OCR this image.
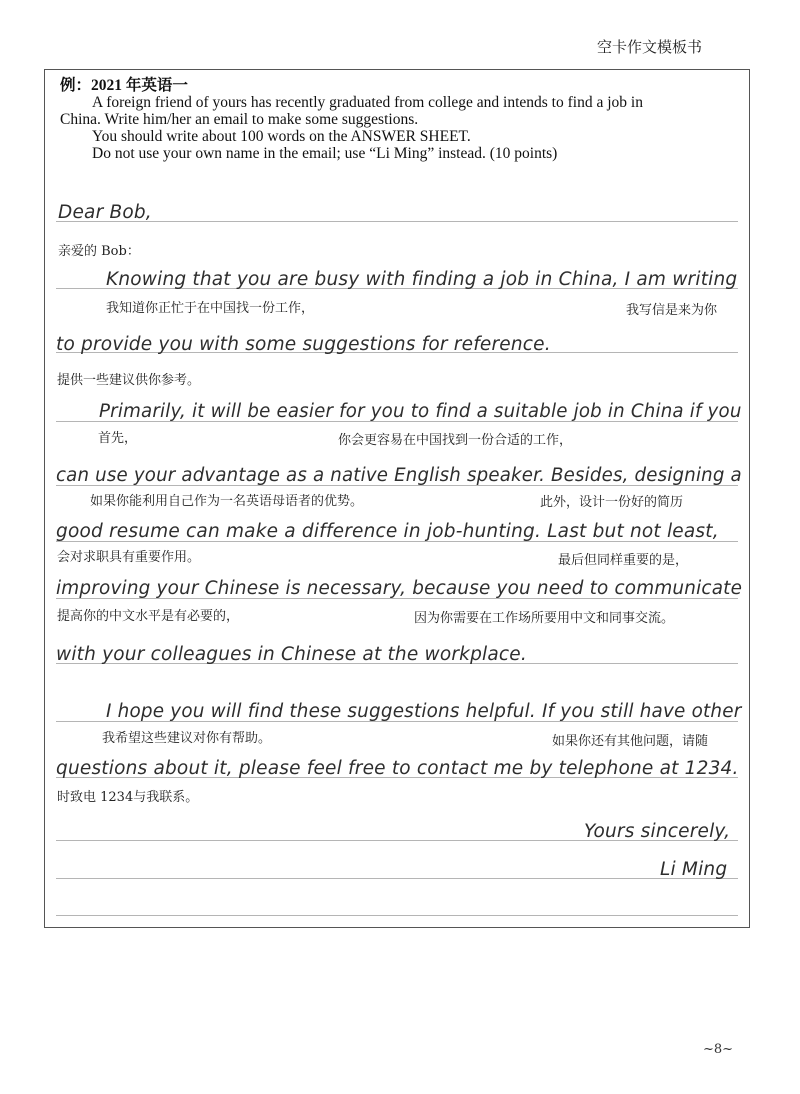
空卡作文模板书
例：2021 年英语一
A foreign friend of yours has recently graduated from college and intends to find a job in
China. Write him/her an email to make some suggestions.
You should write about 100 words on the ANSWER SHEET.
Do not use your own name in the email; use “Li Ming” instead. (10 points)
Dear Bob,
亲爱的 Bob：
Knowing that you are busy with finding a job in China, I am writing
我知道你正忙于在中国找一份工作，	我写信是来为你
to provide you with some suggestions for reference.
提供一些建议供你参考。
Primarily, it will be easier for you to find a suitable job in China if you
首先，	你会更容易在中国找到一份合适的工作，
can use your advantage as a native English speaker. Besides, designing a
如果你能利用自己作为一名英语母语者的优势。	此外，设计一份好的简历
good resume can make a difference in job-hunting. Last but not least,
会对求职具有重要作用。	最后但同样重要的是，
improving your Chinese is necessary, because you need to communicate
提高你的中文水平是有必要的，	因为你需要在工作场所要用中文和同事交流。
with your colleagues in Chinese at the workplace.
I hope you will find these suggestions helpful. If you still have other
我希望这些建议对你有帮助。	如果你还有其他问题，请随
questions about it, please feel free to contact me by telephone at 1234.
时致电 1234与我联系。
Yours sincerely,
Li Ming
~8~
